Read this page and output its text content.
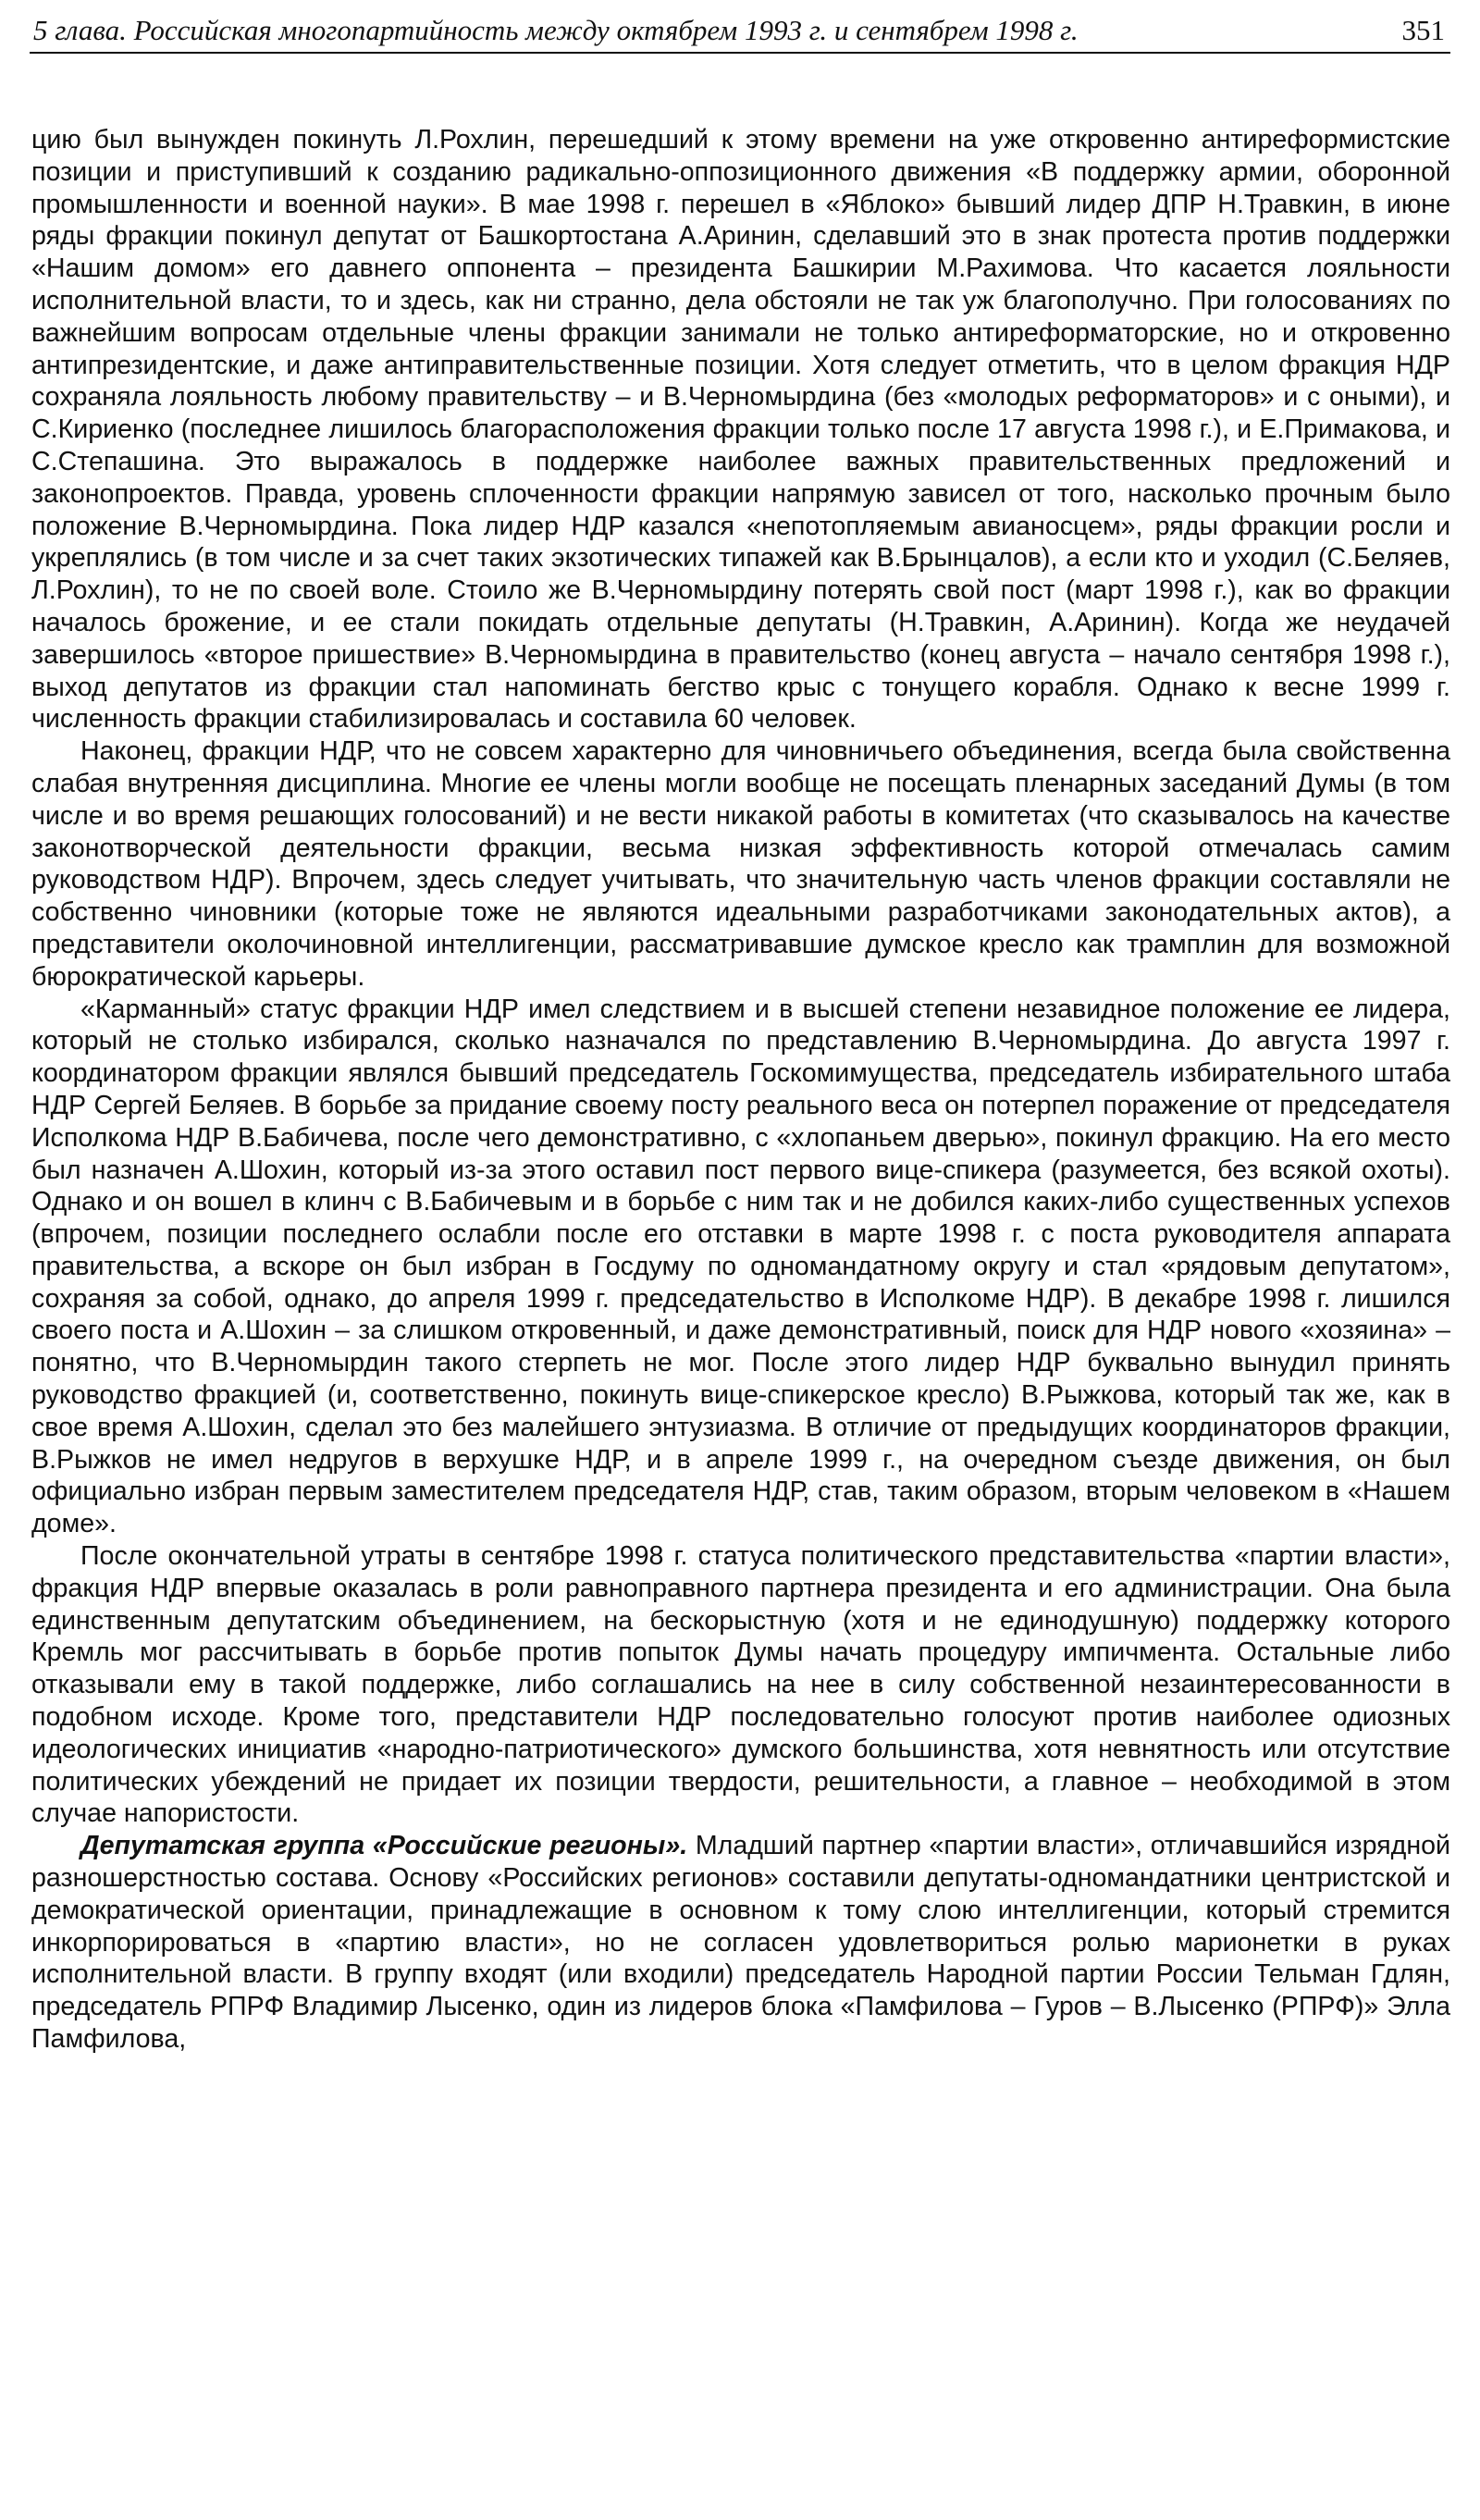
5 глава. Российская многопартийность между октябрем 1993 г. и сентябрем 1998 г.	351

цию был вынужден покинуть Л.Рохлин, перешедший к этому времени на уже откровенно антиреформистские позиции и приступивший к созданию радикально-оппозиционного движения «В поддержку армии, оборонной промышленности и военной науки». В мае 1998 г. перешел в «Яблоко» бывший лидер ДПР Н.Травкин, в июне ряды фракции покинул депутат от Башкортостана А.Аринин, сделавший это в знак протеста против поддержки «Нашим домом» его давнего оппонента – президента Башкирии М.Рахимова. Что касается лояльности исполнительной власти, то и здесь, как ни странно, дела обстояли не так уж благополучно. При голосованиях по важнейшим вопросам отдельные члены фракции занимали не только антиреформаторские, но и откровенно антипрезидентские, и даже антиправительственные позиции. Хотя следует отметить, что в целом фракция НДР сохраняла лояльность любому правительству – и В.Черномырдина (без «молодых реформаторов» и с оными), и С.Кириенко (последнее лишилось благорасположения фракции только после 17 августа 1998 г.), и Е.Примакова, и С.Степашина. Это выражалось в поддержке наиболее важных правительственных предложений и законопроектов. Правда, уровень сплоченности фракции напрямую зависел от того, насколько прочным было положение В.Черномырдина. Пока лидер НДР казался «непотопляемым авианосцем», ряды фракции росли и укреплялись (в том числе и за счет таких экзотических типажей как В.Брынцалов), а если кто и уходил (С.Беляев, Л.Рохлин), то не по своей воле. Стоило же В.Черномырдину потерять свой пост (март 1998 г.), как во фракции началось брожение, и ее стали покидать отдельные депутаты (Н.Травкин, А.Аринин). Когда же неудачей завершилось «второе пришествие» В.Черномырдина в правительство (конец августа – начало сентября 1998 г.), выход депутатов из фракции стал напоминать бегство крыс с тонущего корабля. Однако к весне 1999 г. численность фракции стабилизировалась и составила 60 человек.

Наконец, фракции НДР, что не совсем характерно для чиновничьего объединения, всегда была свойственна слабая внутренняя дисциплина. Многие ее члены могли вообще не посещать пленарных заседаний Думы (в том числе и во время решающих голосований) и не вести никакой работы в комитетах (что сказывалось на качестве законотворческой деятельности фракции, весьма низкая эффективность которой отмечалась самим руководством НДР). Впрочем, здесь следует учитывать, что значительную часть членов фракции составляли не собственно чиновники (которые тоже не являются идеальными разработчиками законодательных актов), а представители околочиновной интеллигенции, рассматривавшие думское кресло как трамплин для возможной бюрократической карьеры.

«Карманный» статус фракции НДР имел следствием и в высшей степени незавидное положение ее лидера, который не столько избирался, сколько назначался по представлению В.Черномырдина. До августа 1997 г. координатором фракции являлся бывший председатель Госкомимущества, председатель избирательного штаба НДР Сергей Беляев. В борьбе за придание своему посту реального веса он потерпел поражение от председателя Исполкома НДР В.Бабичева, после чего демонстративно, с «хлопаньем дверью», покинул фракцию. На его место был назначен А.Шохин, который из-за этого оставил пост первого вице-спикера (разумеется, без всякой охоты). Однако и он вошел в клинч с В.Бабичевым и в борьбе с ним так и не добился каких-либо существенных успехов (впрочем, позиции последнего ослабли после его отставки в марте 1998 г. с поста руководителя аппарата правительства, а вскоре он был избран в Госдуму по одномандатному округу и стал «рядовым депутатом», сохраняя за собой, однако, до апреля 1999 г. председательство в Исполкоме НДР). В декабре 1998 г. лишился своего поста и А.Шохин – за слишком откровенный, и даже демонстративный, поиск для НДР нового «хозяина» – понятно, что В.Черномырдин такого стерпеть не мог. После этого лидер НДР буквально вынудил принять руководство фракцией (и, соответственно, покинуть вице-спикерское кресло) В.Рыжкова, который так же, как в свое время А.Шохин, сделал это без малейшего энтузиазма. В отличие от предыдущих координаторов фракции, В.Рыжков не имел недругов в верхушке НДР, и в апреле 1999 г., на очередном съезде движения, он был официально избран первым заместителем председателя НДР, став, таким образом, вторым человеком в «Нашем доме».

После окончательной утраты в сентябре 1998 г. статуса политического представительства «партии власти», фракция НДР впервые оказалась в роли равноправного партнера президента и его администрации. Она была единственным депутатским объединением, на бескорыстную (хотя и не единодушную) поддержку которого Кремль мог рассчитывать в борьбе против попыток Думы начать процедуру импичмента. Остальные либо отказывали ему в такой поддержке, либо соглашались на нее в силу собственной незаинтересованности в подобном исходе. Кроме того, представители НДР последовательно голосуют против наиболее одиозных идеологических инициатив «народно-патриотического» думского большинства, хотя невнятность или отсутствие политических убеждений не придает их позиции твердости, решительности, а главное – необходимой в этом случае напористости.

Депутатская группа «Российские регионы». Младший партнер «партии власти», отличавшийся изрядной разношерстностью состава. Основу «Российских регионов» составили депутаты-одномандатники центристской и демократической ориентации, принадлежащие в основном к тому слою интеллигенции, который стремится инкорпорироваться в «партию власти», но не согласен удовлетвориться ролью марионетки в руках исполнительной власти. В группу входят (или входили) председатель Народной партии России Тельман Гдлян, председатель РПРФ Владимир Лысенко, один из лидеров блока «Памфилова – Гуров – В.Лысенко (РПРФ)» Элла Памфилова,
